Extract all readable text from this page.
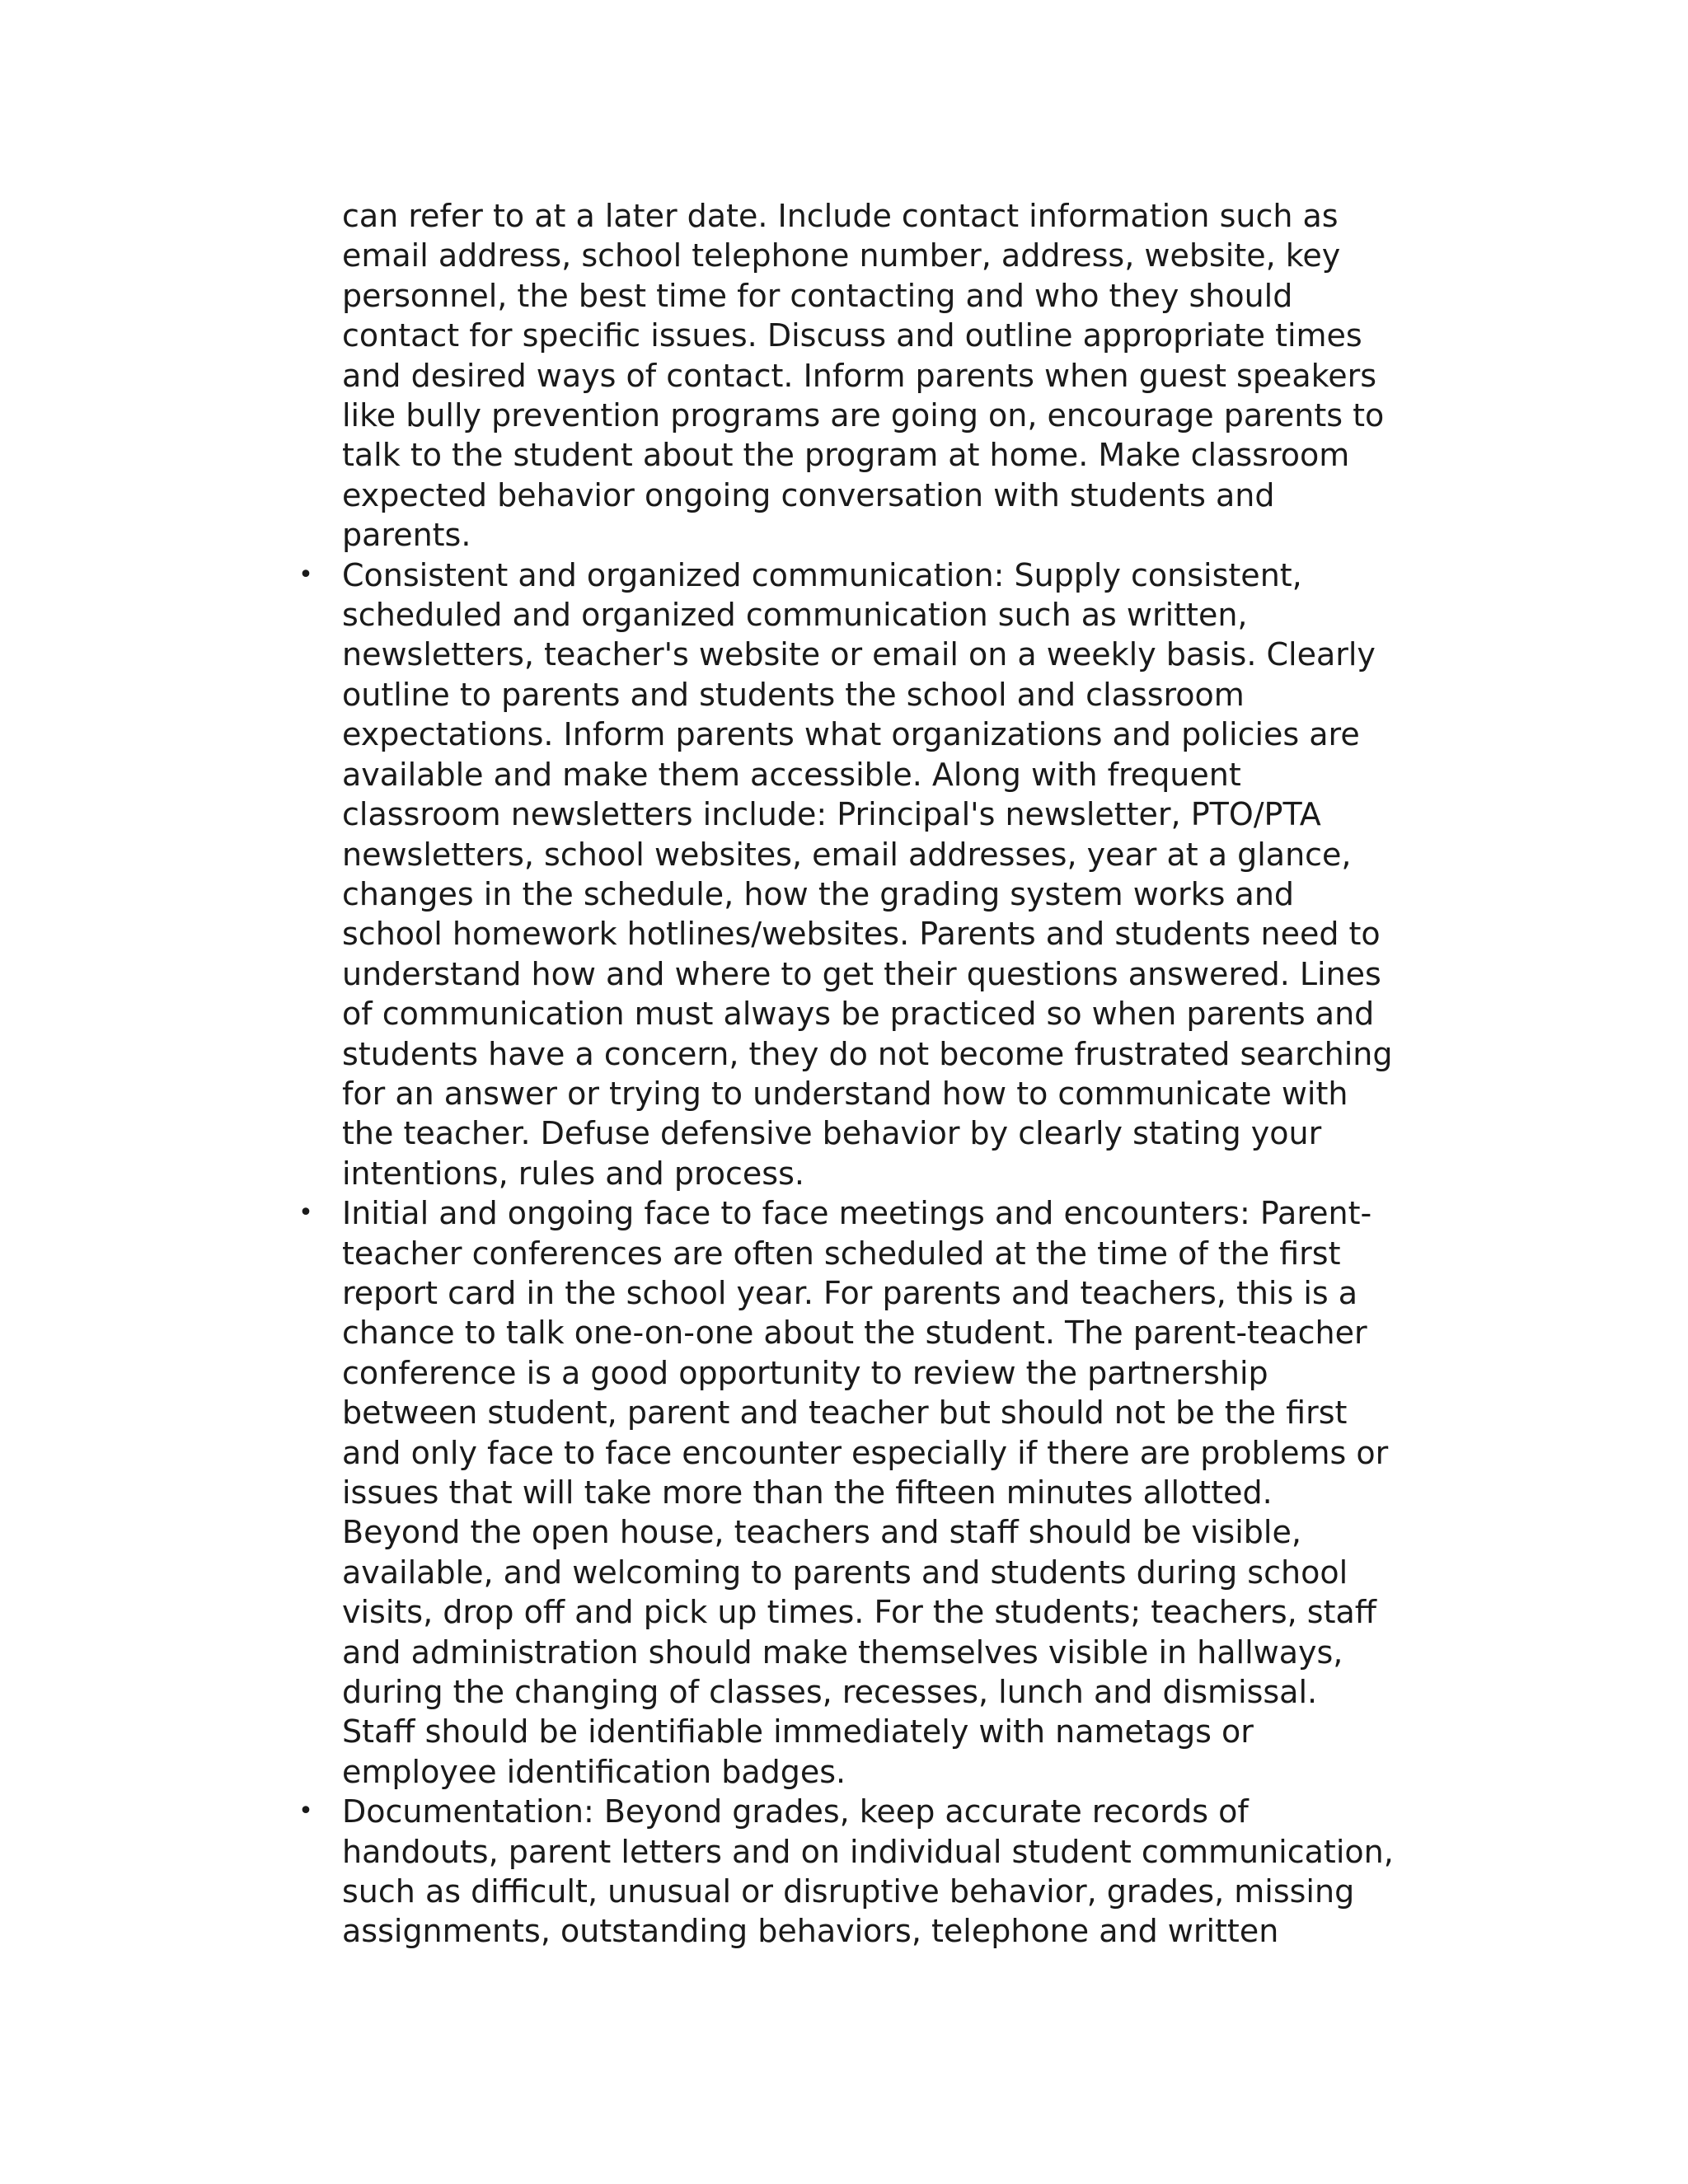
can refer to at a later date. Include contact information such as
email address, school telephone number, address, website, key
personnel, the best time for contacting and who they should
contact for specific issues. Discuss and outline appropriate times
and desired ways of contact. Inform parents when guest speakers
like bully prevention programs are going on, encourage parents to
talk to the student about the program at home. Make classroom
expected behavior ongoing conversation with students and
parents.

• Consistent and organized communication: Supply consistent,
scheduled and organized communication such as written,
newsletters, teacher's website or email on a weekly basis. Clearly
outline to parents and students the school and classroom
expectations. Inform parents what organizations and policies are
available and make them accessible. Along with frequent
classroom newsletters include: Principal's newsletter, PTO/PTA
newsletters, school websites, email addresses, year at a glance,
changes in the schedule, how the grading system works and
school homework hotlines/websites. Parents and students need to
understand how and where to get their questions answered. Lines
of communication must always be practiced so when parents and
students have a concern, they do not become frustrated searching
for an answer or trying to understand how to communicate with
the teacher. Defuse defensive behavior by clearly stating your
intentions, rules and process.
• Initial and ongoing face to face meetings and encounters: Parent-
teacher conferences are often scheduled at the time of the first
report card in the school year. For parents and teachers, this is a
chance to talk one-on-one about the student. The parent-teacher
conference is a good opportunity to review the partnership
between student, parent and teacher but should not be the first
and only face to face encounter especially if there are problems or
issues that will take more than the fifteen minutes allotted.
Beyond the open house, teachers and staff should be visible,
available, and welcoming to parents and students during school
visits, drop off and pick up times. For the students; teachers, staff
and administration should make themselves visible in hallways,
during the changing of classes, recesses, lunch and dismissal.
Staff should be identifiable immediately with nametags or
employee identification badges.
• Documentation: Beyond grades, keep accurate records of
handouts, parent letters and on individual student communication,
such as difficult, unusual or disruptive behavior, grades, missing
assignments, outstanding behaviors, telephone and written
